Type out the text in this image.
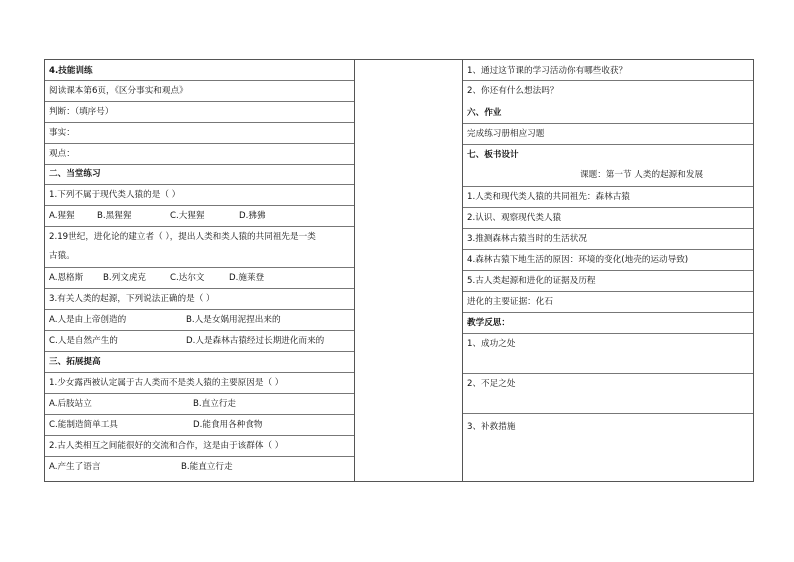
4.技能训练
阅读课本第6页，《区分事实和观点》
判断：（填序号）
事实：
观点：
二、当堂练习
1.下列不属于现代类人猿的是（ ）
A.猩猩	B.黑猩猩	C.大猩猩	D.狒狒
2.19世纪，进化论的建立者（ ），提出人类和类人猿的共同祖先是一类
古猿。
A.恩格斯 B.列文虎克	C.达尔文	D.施莱登
3.有关人类的起源，下列说法正确的是（ ）
A.人是由上帝创造的	B.人是女娲用泥捏出来的
C.人是自然产生的	D.人是森林古猿经过长期进化而来的
三、拓展提高
1.少女露西被认定属于古人类而不是类人猿的主要原因是（ ）
A.后肢站立	B.直立行走
C.能制造简单工具	D.能食用各种食物
2.古人类相互之间能很好的交流和合作，这是由于该群体（ ）
A.产生了语言	B.能直立行走
1、通过这节课的学习活动你有哪些收获？
2、你还有什么想法吗？
六、作业
完成练习册相应习题
七、板书设计
课题：第一节 人类的起源和发展
1.人类和现代类人猿的共同祖先：森林古猿
2.认识、观察现代类人猿
3.推测森林古猿当时的生活状况
4.森林古猿下地生活的原因：环境的变化(地壳的运动导致)
5.古人类起源和进化的证据及历程
进化的主要证据：化石
教学反思：
1、成功之处
2、不足之处
3、补救措施
